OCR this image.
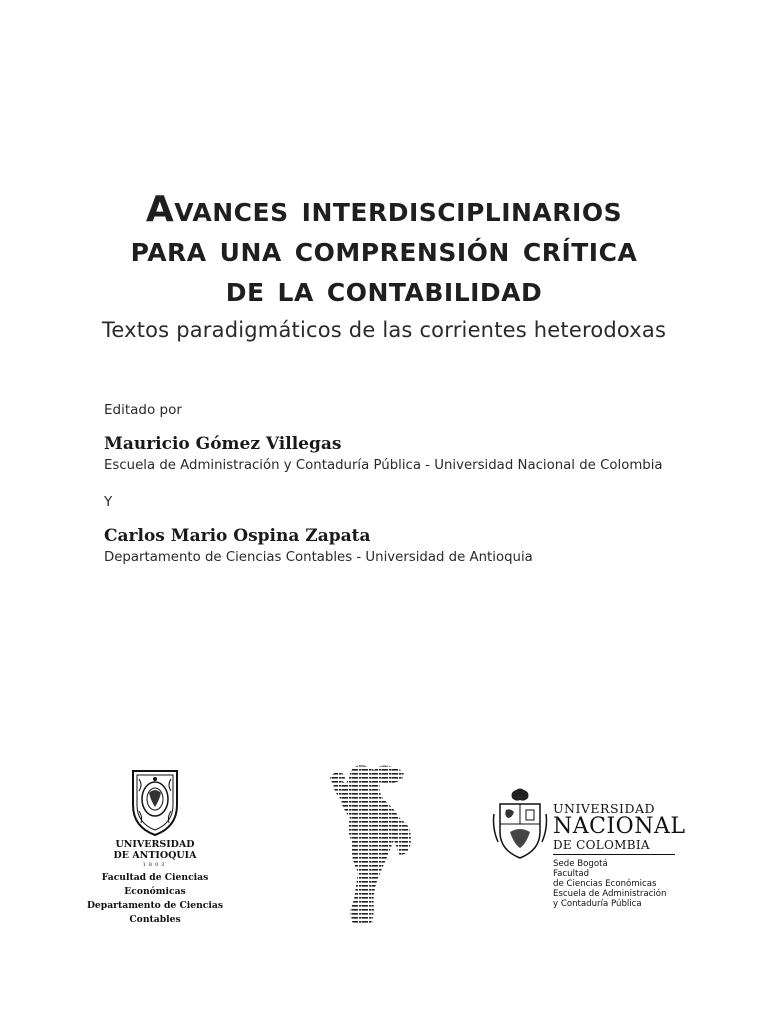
Avances interdisciplinarios
para una comprensión crítica
de la contabilidad
Textos paradigmáticos de las corrientes heterodoxas
Editado por
Mauricio Gómez Villegas
Escuela de Administración y Contaduría Pública - Universidad Nacional de Colombia
Y
Carlos Mario Ospina Zapata
Departamento de Ciencias Contables - Universidad de Antioquia
UNIVERSIDAD
DE ANTIOQUIA
1803
Facultad de Ciencias
Económicas
Departamento de Ciencias
Contables
UNIVERSIDAD
NACIONAL
DE COLOMBIA
Sede Bogotá
Facultad
de Ciencias Económicas
Escuela de Administración
y Contaduría Pública
